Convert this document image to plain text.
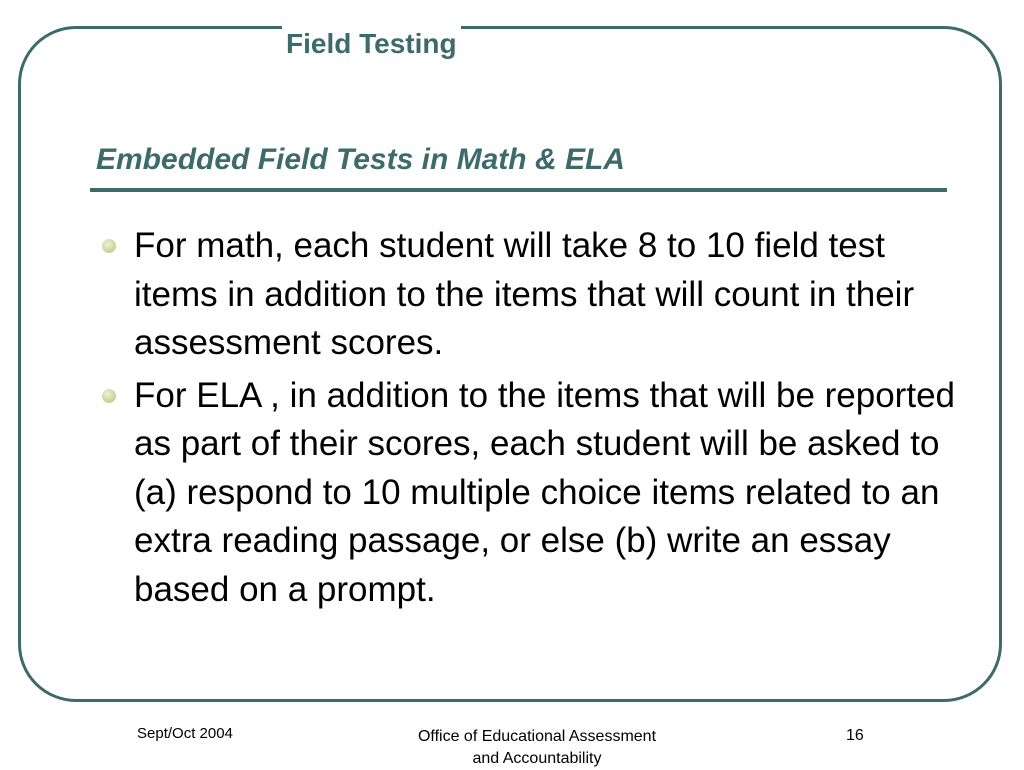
Field Testing
Embedded Field Tests in Math & ELA
For math, each student will take 8 to 10 field test items in addition to the items that will count in their assessment scores.
For ELA , in addition to the items that will be reported as part of their scores, each student will be asked to (a) respond to 10 multiple choice items related to an extra reading passage, or else (b) write an essay based on a prompt.
Sept/Oct 2004	Office of Educational Assessment
and Accountability
16
